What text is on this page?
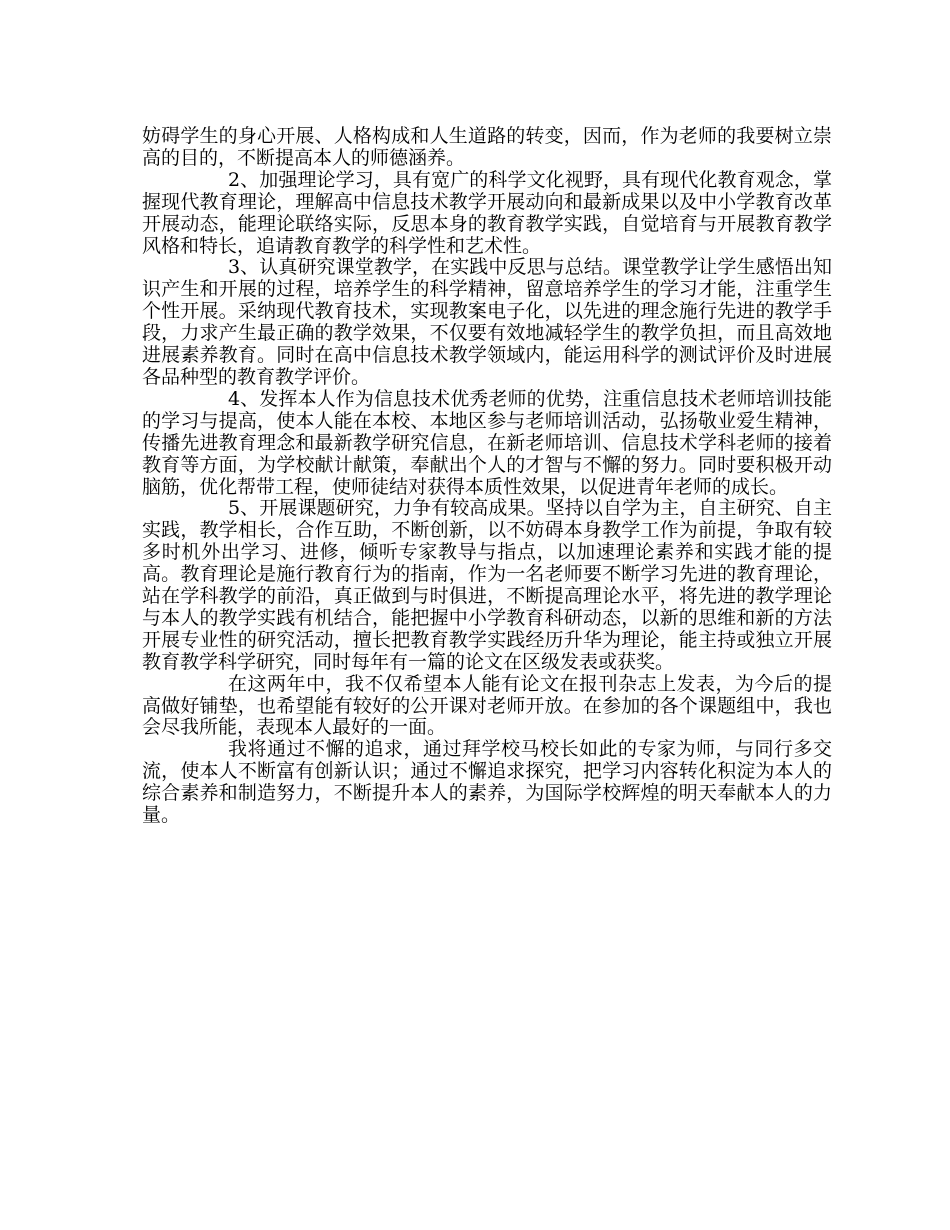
妨碍学生的身心开展、人格构成和人生道路的转变，因而，作为老师的我要树立崇高的目的，不断提高本人的师德涵养。

2、加强理论学习，具有宽广的科学文化视野，具有现代化教育观念，掌握现代教育理论，理解高中信息技术教学开展动向和最新成果以及中小学教育改革开展动态，能理论联络实际，反思本身的教育教学实践，自觉培育与开展教育教学风格和特长，追请教育教学的科学性和艺术性。

3、认真研究课堂教学，在实践中反思与总结。课堂教学让学生感悟出知识产生和开展的过程，培养学生的科学精神，留意培养学生的学习才能，注重学生个性开展。采纳现代教育技术，实现教案电子化，以先进的理念施行先进的教学手段，力求产生最正确的教学效果，不仅要有效地减轻学生的教学负担，而且高效地进展素养教育。同时在高中信息技术教学领域内，能运用科学的测试评价及时进展各品种型的教育教学评价。

4、发挥本人作为信息技术优秀老师的优势，注重信息技术老师培训技能的学习与提高，使本人能在本校、本地区参与老师培训活动，弘扬敬业爱生精神，传播先进教育理念和最新教学研究信息，在新老师培训、信息技术学科老师的接着教育等方面，为学校献计献策，奉献出个人的才智与不懈的努力。同时要积极开动脑筋，优化帮带工程，使师徒结对获得本质性效果，以促进青年老师的成长。

5、开展课题研究，力争有较高成果。坚持以自学为主，自主研究、自主实践，教学相长，合作互助，不断创新，以不妨碍本身教学工作为前提，争取有较多时机外出学习、进修，倾听专家教导与指点，以加速理论素养和实践才能的提高。教育理论是施行教育行为的指南，作为一名老师要不断学习先进的教育理论，站在学科教学的前沿，真正做到与时俱进，不断提高理论水平，将先进的教学理论与本人的教学实践有机结合，能把握中小学教育科研动态，以新的思维和新的方法开展专业性的研究活动，擅长把教育教学实践经历升华为理论，能主持或独立开展教育教学科学研究，同时每年有一篇的论文在区级发表或获奖。

在这两年中，我不仅希望本人能有论文在报刊杂志上发表，为今后的提高做好铺垫，也希望能有较好的公开课对老师开放。在参加的各个课题组中，我也会尽我所能，表现本人最好的一面。

我将通过不懈的追求，通过拜学校马校长如此的专家为师，与同行多交流，使本人不断富有创新认识；通过不懈追求探究，把学习内容转化积淀为本人的综合素养和制造努力，不断提升本人的素养，为国际学校辉煌的明天奉献本人的力量。
